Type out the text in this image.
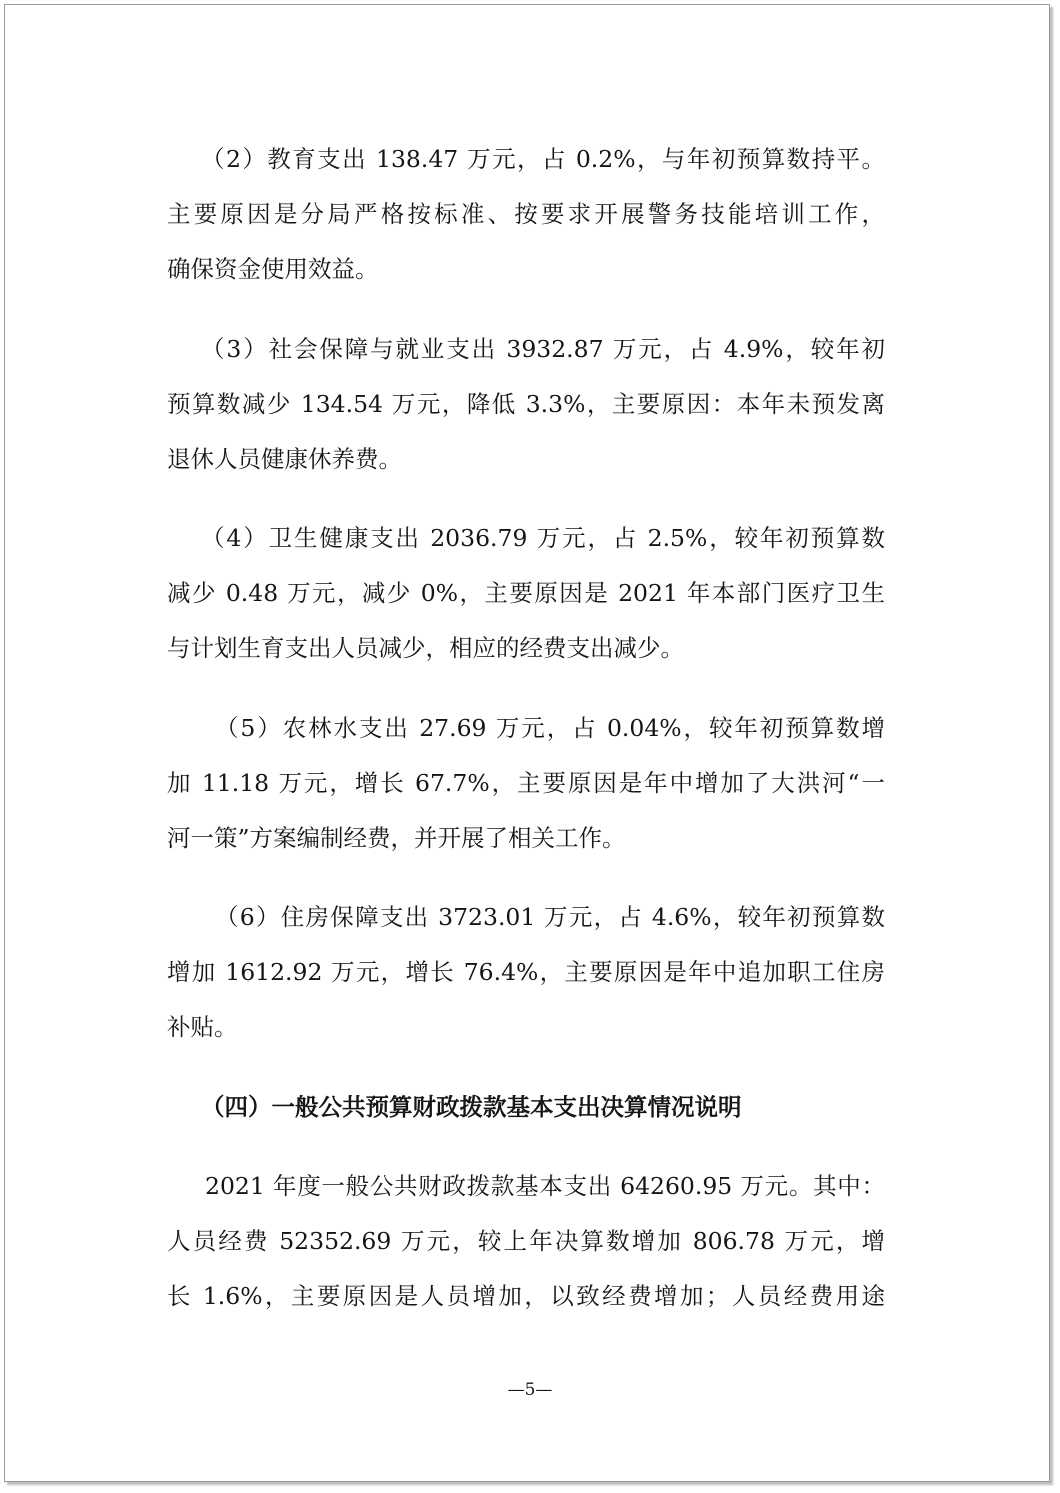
（2）教育支出 138.47 万元，占 0.2%，与年初预算数持平。
主要原因是分局严格按标准、按要求开展警务技能培训工作，
确保资金使用效益。
（3）社会保障与就业支出 3932.87 万元，占 4.9%，较年初
预算数减少 134.54 万元，降低 3.3%，主要原因：本年未预发离
退休人员健康休养费。
（4）卫生健康支出 2036.79 万元，占 2.5%，较年初预算数
减少 0.48 万元，减少 0%，主要原因是 2021 年本部门医疗卫生
与计划生育支出人员减少，相应的经费支出减少。
（5）农林水支出 27.69 万元，占 0.04%，较年初预算数增
加 11.18 万元，增长 67.7%，主要原因是年中增加了大洪河“一
河一策”方案编制经费，并开展了相关工作。
（6）住房保障支出 3723.01 万元，占 4.6%，较年初预算数
增加 1612.92 万元，增长 76.4%，主要原因是年中追加职工住房
补贴。
（四）一般公共预算财政拨款基本支出决算情况说明
2021 年度一般公共财政拨款基本支出 64260.95 万元。其中：
人员经费 52352.69 万元，较上年决算数增加 806.78 万元，增
长 1.6%，主要原因是人员增加，以致经费增加；人员经费用途
—5—
